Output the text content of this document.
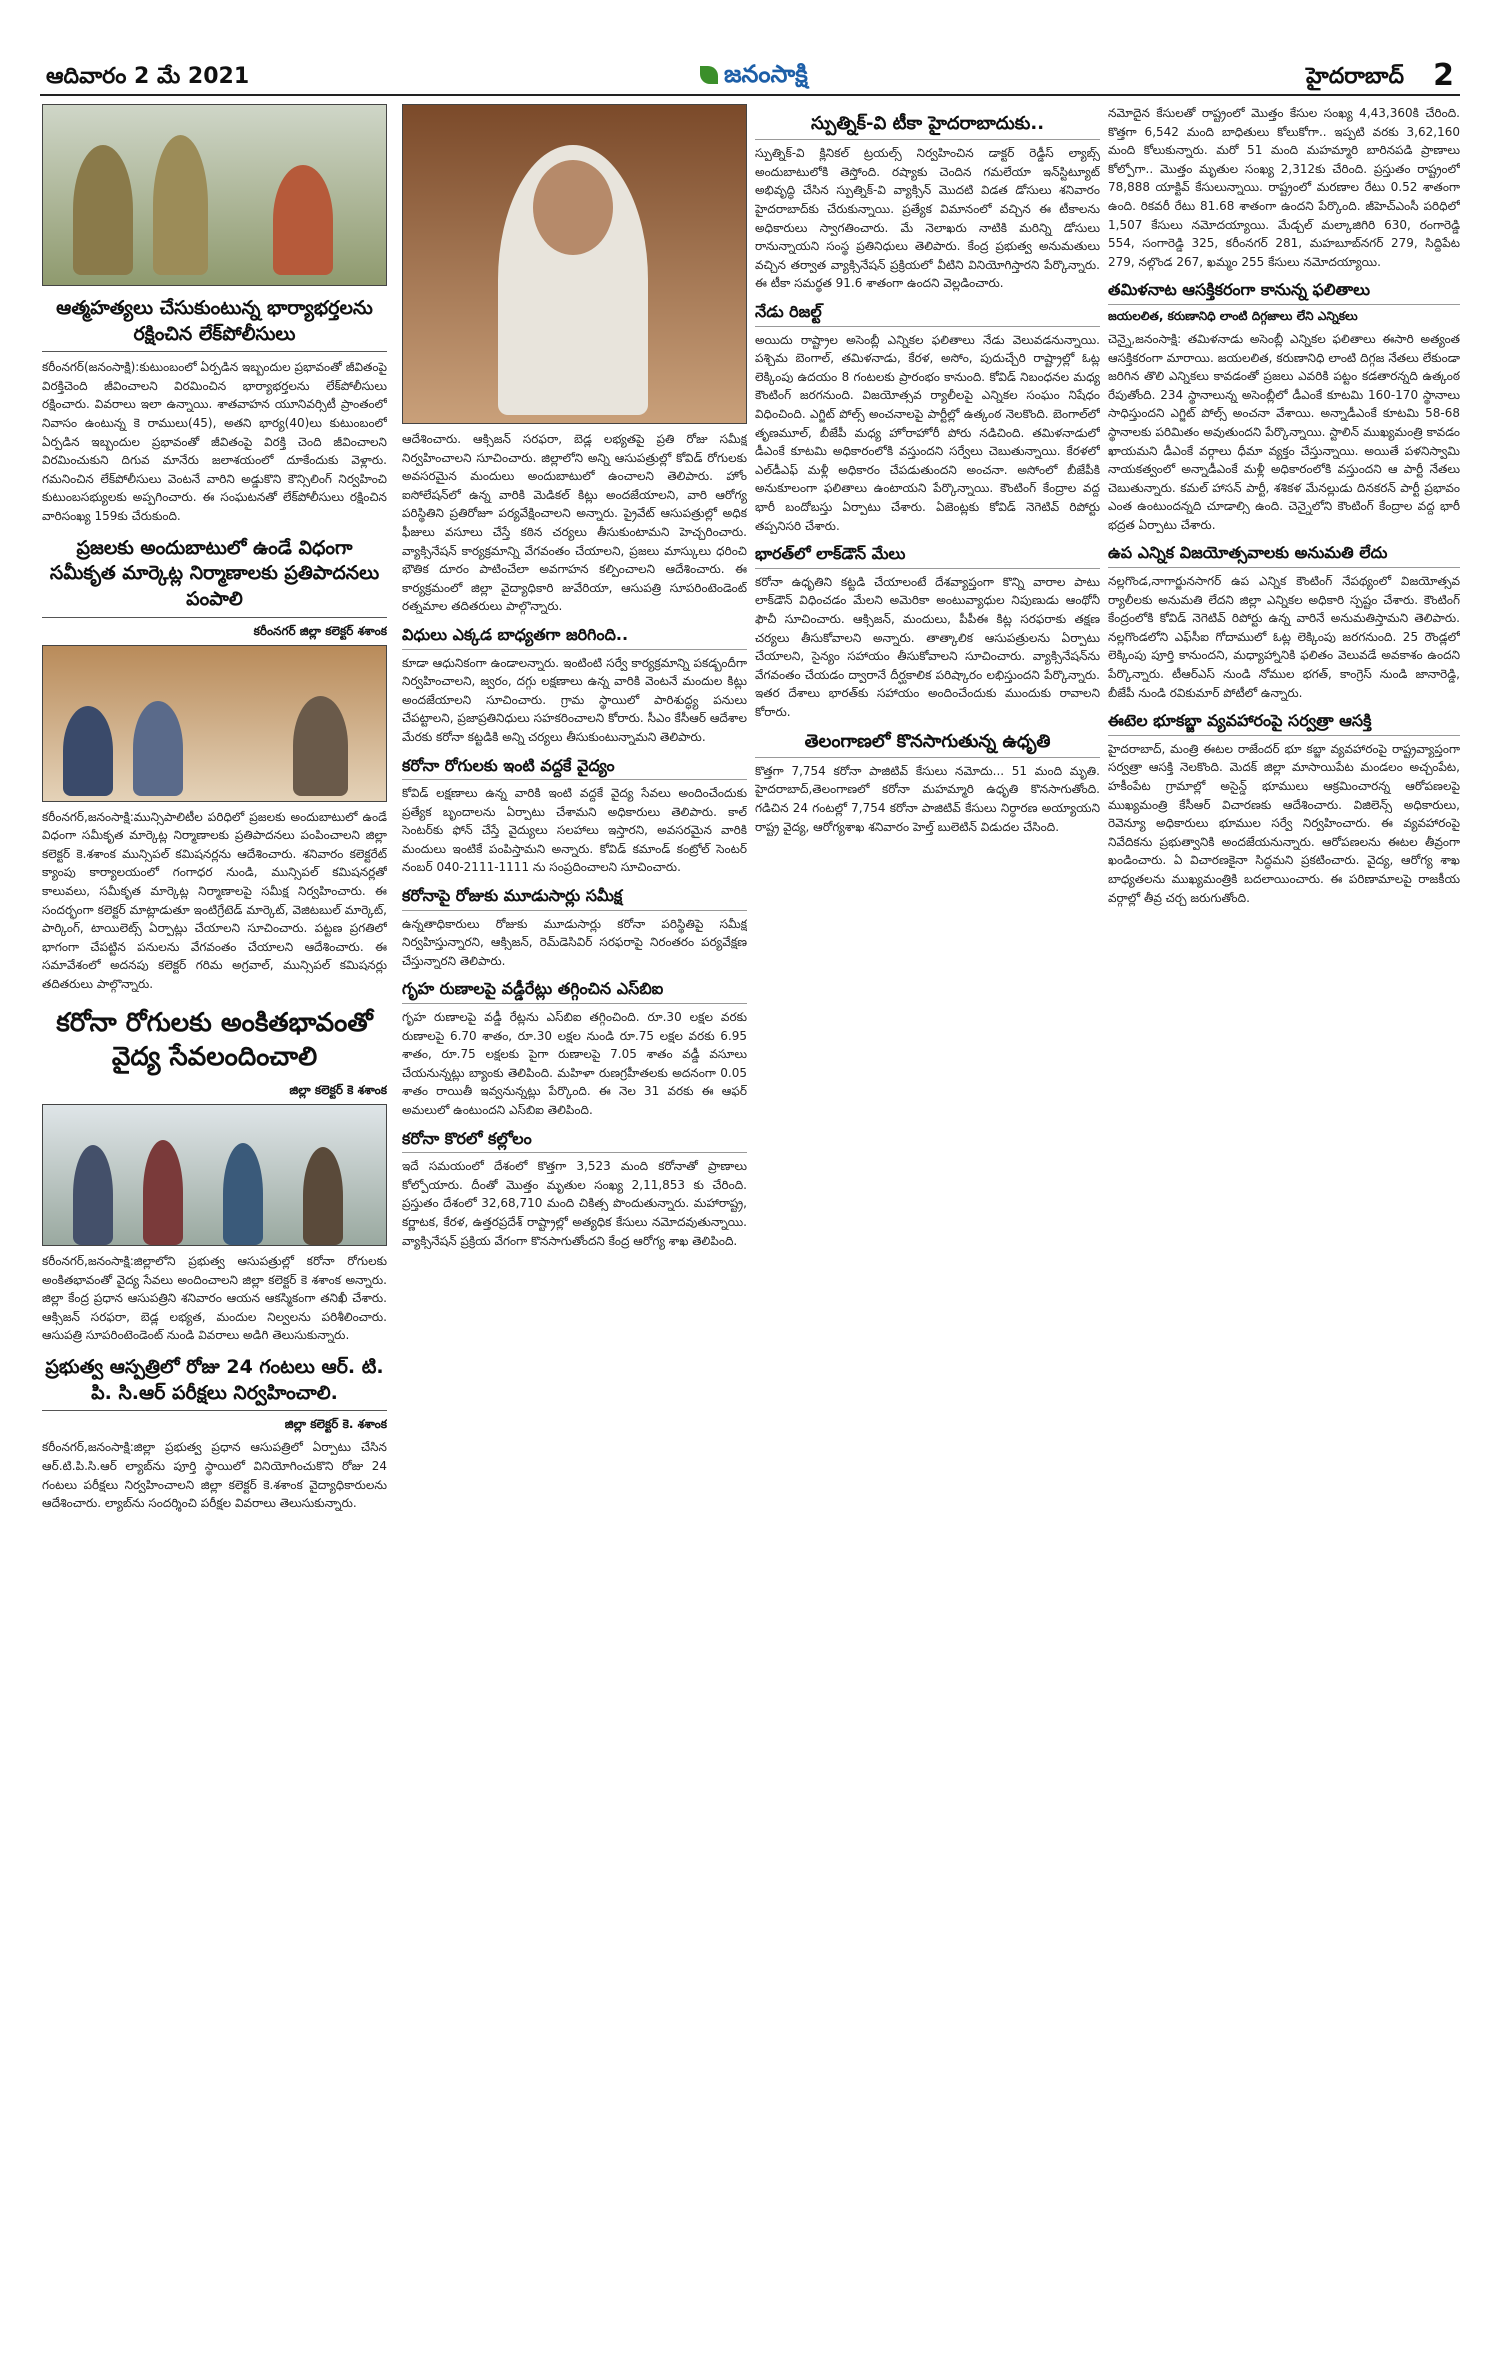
ఆదివారం 2 మే 2021	జనంసాక్షి	హైదరాబాద్ 2
ఆత్మహత్యలు చేసుకుంటున్న భార్యాభర్తలను రక్షించిన లేక్‌పోలీసులు

కరీంనగర్(జనంసాక్షి):కుటుంబంలో ఏర్పడిన ఇబ్బందుల ప్రభావంతో జీవితంపై విరక్తిచెంది జీవించాలని విరమించిన భార్యాభర్తలను లేక్‌పోలీసులు రక్షించారు. వివరాలు ఇలా ఉన్నాయి. శాతవాహన యూనివర్సిటీ ప్రాంతంలో నివాసం ఉంటున్న కె రాములు(45), అతని భార్య(40)లు కుటుంబంలో ఏర్పడిన ఇబ్బందుల ప్రభావంతో జీవితంపై విరక్తి చెంది జీవించాలని విరమించుకుని దిగువ మానేరు జలాశయంలో దూకేందుకు వెళ్లారు. గమనించిన లేక్‌పోలీసులు వెంటనే వారిని అడ్డుకొని కౌన్సిలింగ్ నిర్వహించి కుటుంబసభ్యులకు అప్పగించారు. ఈ సంఘటనతో లేక్‌పోలీసులు రక్షించిన వారిసంఖ్య 159కు చేరుకుంది.

ప్రజలకు అందుబాటులో ఉండే విధంగా సమీకృత మార్కెట్ల నిర్మాణాలకు ప్రతిపాదనలు పంపాలి
కరీంనగర్ జిల్లా కలెక్టర్ శశాంక

కరీంనగర్,జనంసాక్షి:మున్సిపాలిటీల పరిధిలో ప్రజలకు అందుబాటులో ఉండే విధంగా సమీకృత మార్కెట్ల నిర్మాణాలకు ప్రతిపాదనలు పంపించాలని జిల్లా కలెక్టర్ కె.శశాంక మున్సిపల్ కమిషనర్లను ఆదేశించారు. శనివారం కలెక్టరేట్ క్యాంపు కార్యాలయంలో గంగాధర నుండి, మున్సిపల్ కమిషనర్లతో కాలువలు, సమీకృత మార్కెట్ల నిర్మాణాలపై సమీక్ష నిర్వహించారు. ఈ సందర్భంగా కలెక్టర్ మాట్లాడుతూ ఇంటిగ్రేటెడ్ మార్కెట్, వెజిటబుల్ మార్కెట్, పార్కింగ్, టాయిలెట్స్ ఏర్పాట్లు చేయాలని సూచించారు. పట్టణ ప్రగతిలో భాగంగా చేపట్టిన పనులను వేగవంతం చేయాలని ఆదేశించారు. ఈ సమావేశంలో అదనపు కలెక్టర్ గరిమ అగ్రవాల్, మున్సిపల్ కమిషనర్లు తదితరులు పాల్గొన్నారు.

కరోనా రోగులకు అంకితభావంతో వైద్య సేవలందించాలి
జిల్లా కలెక్టర్ కె శశాంక

కరీంనగర్,జనంసాక్షి:జిల్లాలోని ప్రభుత్వ ఆసుపత్రుల్లో కరోనా రోగులకు అంకితభావంతో వైద్య సేవలు అందించాలని జిల్లా కలెక్టర్ కె శశాంక అన్నారు. జిల్లా కేంద్ర ప్రధాన ఆసుపత్రిని శనివారం ఆయన ఆకస్మికంగా తనిఖీ చేశారు. ఆక్సిజన్ సరఫరా, బెడ్ల లభ్యత, మందుల నిల్వలను పరిశీలించారు. ఆసుపత్రి సూపరింటెండెంట్ నుండి వివరాలు అడిగి తెలుసుకున్నారు.

ప్రభుత్వ ఆస్పత్రిలో రోజు 24 గంటలు ఆర్. టి. పి. సి.ఆర్ పరీక్షలు నిర్వహించాలి.
జిల్లా కలెక్టర్ కె. శశాంక

కరీంనగర్,జనంసాక్షి:జిల్లా ప్రభుత్వ ప్రధాన ఆసుపత్రిలో ఏర్పాటు చేసిన ఆర్.టి.పి.సి.ఆర్ ల్యాబ్‌ను పూర్తి స్థాయిలో వినియోగించుకొని రోజు 24 గంటలు పరీక్షలు నిర్వహించాలని జిల్లా కలెక్టర్ కె.శశాంక వైద్యాధికారులను ఆదేశించారు. ల్యాబ్‌ను సందర్శించి పరీక్షల వివరాలు తెలుసుకున్నారు.

ఆదేశించారు. ఆక్సిజన్ సరఫరా, బెడ్ల లభ్యతపై ప్రతి రోజు సమీక్ష నిర్వహించాలని సూచించారు. జిల్లాలోని అన్ని ఆసుపత్రుల్లో కోవిడ్ రోగులకు అవసరమైన మందులు అందుబాటులో ఉంచాలని తెలిపారు. హోం ఐసోలేషన్‌లో ఉన్న వారికి మెడికల్ కిట్లు అందజేయాలని, వారి ఆరోగ్య పరిస్థితిని ప్రతిరోజూ పర్యవేక్షించాలని అన్నారు. ప్రైవేట్ ఆసుపత్రుల్లో అధిక ఫీజులు వసూలు చేస్తే కఠిన చర్యలు తీసుకుంటామని హెచ్చరించారు. వ్యాక్సినేషన్ కార్యక్రమాన్ని వేగవంతం చేయాలని, ప్రజలు మాస్కులు ధరించి భౌతిక దూరం పాటించేలా అవగాహన కల్పించాలని ఆదేశించారు. ఈ కార్యక్రమంలో జిల్లా వైద్యాధికారి జువేరియా, ఆసుపత్రి సూపరింటెండెంట్ రత్నమాల తదితరులు పాల్గొన్నారు.

విధులు ఎక్కడ బాధ్యతగా జరిగింది..

కూడా ఆధునికంగా ఉండాలన్నారు. ఇంటింటి సర్వే కార్యక్రమాన్ని పకడ్బందీగా నిర్వహించాలని, జ్వరం, దగ్గు లక్షణాలు ఉన్న వారికి వెంటనే మందుల కిట్లు అందజేయాలని సూచించారు. గ్రామ స్థాయిలో పారిశుద్ధ్య పనులు చేపట్టాలని, ప్రజాప్రతినిధులు సహకరించాలని కోరారు. సీఎం కేసీఆర్ ఆదేశాల మేరకు కరోనా కట్టడికి అన్ని చర్యలు తీసుకుంటున్నామని తెలిపారు.

కరోనా రోగులకు ఇంటి వద్దకే వైద్యం

కోవిడ్ లక్షణాలు ఉన్న వారికి ఇంటి వద్దకే వైద్య సేవలు అందించేందుకు ప్రత్యేక బృందాలను ఏర్పాటు చేశామని అధికారులు తెలిపారు. కాల్ సెంటర్‌కు ఫోన్ చేస్తే వైద్యులు సలహాలు ఇస్తారని, అవసరమైన వారికి మందులు ఇంటికే పంపిస్తామని అన్నారు. కోవిడ్ కమాండ్ కంట్రోల్ సెంటర్ నంబర్ 040-2111-1111 ను సంప్రదించాలని సూచించారు.

కరోనాపై రోజుకు మూడుసార్లు సమీక్ష

ఉన్నతాధికారులు రోజుకు మూడుసార్లు కరోనా పరిస్థితిపై సమీక్ష నిర్వహిస్తున్నారని, ఆక్సిజన్, రెమ్‌డెసివిర్ సరఫరాపై నిరంతరం పర్యవేక్షణ చేస్తున్నారని తెలిపారు.

గృహ రుణాలపై వడ్డీరేట్లు తగ్గించిన ఎస్‌బిఐ

గృహ రుణాలపై వడ్డీ రేట్లను ఎస్‌బిఐ తగ్గించింది. రూ.30 లక్షల వరకు రుణాలపై 6.70 శాతం, రూ.30 లక్షల నుండి రూ.75 లక్షల వరకు 6.95 శాతం, రూ.75 లక్షలకు పైగా రుణాలపై 7.05 శాతం వడ్డీ వసూలు చేయనున్నట్లు బ్యాంకు తెలిపింది. మహిళా రుణగ్రహీతలకు అదనంగా 0.05 శాతం రాయితీ ఇవ్వనున్నట్లు పేర్కొంది. ఈ నెల 31 వరకు ఈ ఆఫర్ అమలులో ఉంటుందని ఎస్‌బిఐ తెలిపింది.

కరోనా కొరలో కల్లోలం

ఇదే సమయంలో దేశంలో కొత్తగా 3,523 మంది కరోనాతో ప్రాణాలు కోల్పోయారు. దీంతో మొత్తం మృతుల సంఖ్య 2,11,853 కు చేరింది. ప్రస్తుతం దేశంలో 32,68,710 మంది చికిత్స పొందుతున్నారు. మహారాష్ట్ర, కర్ణాటక, కేరళ, ఉత్తరప్రదేశ్ రాష్ట్రాల్లో అత్యధిక కేసులు నమోదవుతున్నాయి. వ్యాక్సినేషన్ ప్రక్రియ వేగంగా కొనసాగుతోందని కేంద్ర ఆరోగ్య శాఖ తెలిపింది.

స్పుత్నిక్-వి టీకా హైదరాబాదుకు..

స్పుత్నిక్-వి క్లినికల్ ట్రయల్స్ నిర్వహించిన డాక్టర్ రెడ్డీస్ ల్యాబ్స్ అందుబాటులోకి తెస్తోంది. రష్యాకు చెందిన గమలేయా ఇన్‌స్టిట్యూట్ అభివృద్ధి చేసిన స్పుత్నిక్-వి వ్యాక్సిన్ మొదటి విడత డోసులు శనివారం హైదరాబాద్‌కు చేరుకున్నాయి. ప్రత్యేక విమానంలో వచ్చిన ఈ టీకాలను అధికారులు స్వాగతించారు. మే నెలాఖరు నాటికి మరిన్ని డోసులు రానున్నాయని సంస్థ ప్రతినిధులు తెలిపారు. కేంద్ర ప్రభుత్వ అనుమతులు వచ్చిన తర్వాత వ్యాక్సినేషన్ ప్రక్రియలో వీటిని వినియోగిస్తారని పేర్కొన్నారు. ఈ టీకా సమర్థత 91.6 శాతంగా ఉందని వెల్లడించారు.

నేడు రిజల్ట్

అయిదు రాష్ట్రాల అసెంబ్లీ ఎన్నికల ఫలితాలు నేడు వెలువడనున్నాయి. పశ్చిమ బెంగాల్, తమిళనాడు, కేరళ, అసోం, పుదుచ్చేరి రాష్ట్రాల్లో ఓట్ల లెక్కింపు ఉదయం 8 గంటలకు ప్రారంభం కానుంది. కోవిడ్ నిబంధనల మధ్య కౌంటింగ్ జరగనుంది. విజయోత్సవ ర్యాలీలపై ఎన్నికల సంఘం నిషేధం విధించింది. ఎగ్జిట్ పోల్స్ అంచనాలపై పార్టీల్లో ఉత్కంఠ నెలకొంది. బెంగాల్‌లో తృణమూల్, బీజేపీ మధ్య హోరాహోరీ పోరు నడిచింది. తమిళనాడులో డీఎంకే కూటమి అధికారంలోకి వస్తుందని సర్వేలు చెబుతున్నాయి. కేరళలో ఎల్‌డీఎఫ్ మళ్లీ అధికారం చేపడుతుందని అంచనా. అసోంలో బీజేపీకి అనుకూలంగా ఫలితాలు ఉంటాయని పేర్కొన్నాయి. కౌంటింగ్ కేంద్రాల వద్ద భారీ బందోబస్తు ఏర్పాటు చేశారు. ఏజెంట్లకు కోవిడ్ నెగెటివ్ రిపోర్టు తప్పనిసరి చేశారు.

భారత్‌లో లాక్‌డౌన్ మేలు

కరోనా ఉధృతిని కట్టడి చేయాలంటే దేశవ్యాప్తంగా కొన్ని వారాల పాటు లాక్‌డౌన్ విధించడం మేలని అమెరికా అంటువ్యాధుల నిపుణుడు ఆంథోనీ ఫౌచీ సూచించారు. ఆక్సిజన్, మందులు, పీపీఈ కిట్ల సరఫరాకు తక్షణ చర్యలు తీసుకోవాలని అన్నారు. తాత్కాలిక ఆసుపత్రులను ఏర్పాటు చేయాలని, సైన్యం సహాయం తీసుకోవాలని సూచించారు. వ్యాక్సినేషన్‌ను వేగవంతం చేయడం ద్వారానే దీర్ఘకాలిక పరిష్కారం లభిస్తుందని పేర్కొన్నారు. ఇతర దేశాలు భారత్‌కు సహాయం అందించేందుకు ముందుకు రావాలని కోరారు.

తెలంగాణలో కొనసాగుతున్న ఉధృతి

కొత్తగా 7,754 కరోనా పాజిటివ్ కేసులు నమోదు... 51 మంది మృతి. హైదరాబాద్,తెలంగాణలో కరోనా మహమ్మారి ఉధృతి కొనసాగుతోంది. గడిచిన 24 గంటల్లో 7,754 కరోనా పాజిటివ్ కేసులు నిర్ధారణ అయ్యాయని రాష్ట్ర వైద్య, ఆరోగ్యశాఖ శనివారం హెల్త్ బులెటిన్ విడుదల చేసింది.

నమోదైన కేసులతో రాష్ట్రంలో మొత్తం కేసుల సంఖ్య 4,43,360కి చేరింది. కొత్తగా 6,542 మంది బాధితులు కోలుకోగా.. ఇప్పటి వరకు 3,62,160 మంది కోలుకున్నారు. మరో 51 మంది మహమ్మారి బారినపడి ప్రాణాలు కోల్పోగా.. మొత్తం మృతుల సంఖ్య 2,312కు చేరింది. ప్రస్తుతం రాష్ట్రంలో 78,888 యాక్టివ్ కేసులున్నాయి. రాష్ట్రంలో మరణాల రేటు 0.52 శాతంగా ఉంది. రికవరీ రేటు 81.68 శాతంగా ఉందని పేర్కొంది. జీహెచ్‌ఎంసీ పరిధిలో 1,507 కేసులు నమోదయ్యాయి. మేడ్చల్ మల్కాజిగిరి 630, రంగారెడ్డి 554, సంగారెడ్డి 325, కరీంనగర్ 281, మహబూబ్‌నగర్ 279, సిద్దిపేట 279, నల్గొండ 267, ఖమ్మం 255 కేసులు నమోదయ్యాయి.

తమిళనాట ఆసక్తికరంగా కానున్న ఫలితాలు
జయలలిత, కరుణానిధి లాంటి దిగ్గజాలు లేని ఎన్నికలు

చెన్నై,జనంసాక్షి: తమిళనాడు అసెంబ్లీ ఎన్నికల ఫలితాలు ఈసారి అత్యంత ఆసక్తికరంగా మారాయి. జయలలిత, కరుణానిధి లాంటి దిగ్గజ నేతలు లేకుండా జరిగిన తొలి ఎన్నికలు కావడంతో ప్రజలు ఎవరికి పట్టం కడతారన్నది ఉత్కంఠ రేపుతోంది. 234 స్థానాలున్న అసెంబ్లీలో డీఎంకే కూటమి 160-170 స్థానాలు సాధిస్తుందని ఎగ్జిట్ పోల్స్ అంచనా వేశాయి. అన్నాడీఎంకే కూటమి 58-68 స్థానాలకు పరిమితం అవుతుందని పేర్కొన్నాయి. స్టాలిన్ ముఖ్యమంత్రి కావడం ఖాయమని డీఎంకే వర్గాలు ధీమా వ్యక్తం చేస్తున్నాయి. అయితే పళనిస్వామి నాయకత్వంలో అన్నాడీఎంకే మళ్లీ అధికారంలోకి వస్తుందని ఆ పార్టీ నేతలు చెబుతున్నారు. కమల్ హాసన్ పార్టీ, శశికళ మేనల్లుడు దినకరన్ పార్టీ ప్రభావం ఎంత ఉంటుందన్నది చూడాల్సి ఉంది. చెన్నైలోని కౌంటింగ్ కేంద్రాల వద్ద భారీ భద్రత ఏర్పాటు చేశారు.

ఉప ఎన్నిక విజయోత్సవాలకు అనుమతి లేదు

నల్లగొండ,నాగార్జునసాగర్ ఉప ఎన్నిక కౌంటింగ్ నేపథ్యంలో విజయోత్సవ ర్యాలీలకు అనుమతి లేదని జిల్లా ఎన్నికల అధికారి స్పష్టం చేశారు. కౌంటింగ్ కేంద్రంలోకి కోవిడ్ నెగెటివ్ రిపోర్టు ఉన్న వారినే అనుమతిస్తామని తెలిపారు. నల్లగొండలోని ఎఫ్‌సీఐ గోదాములో ఓట్ల లెక్కింపు జరగనుంది. 25 రౌండ్లలో లెక్కింపు పూర్తి కానుందని, మధ్యాహ్నానికి ఫలితం వెలువడే అవకాశం ఉందని పేర్కొన్నారు. టీఆర్ఎస్ నుండి నోముల భగత్, కాంగ్రెస్ నుండి జానారెడ్డి, బీజేపీ నుండి రవికుమార్ పోటీలో ఉన్నారు.

ఈటెల భూకబ్జా వ్యవహారంపై సర్వత్రా ఆసక్తి

హైదరాబాద్, మంత్రి ఈటల రాజేందర్ భూ కబ్జా వ్యవహారంపై రాష్ట్రవ్యాప్తంగా సర్వత్రా ఆసక్తి నెలకొంది. మెదక్ జిల్లా మాసాయిపేట మండలం అచ్చంపేట, హకీంపేట గ్రామాల్లో అసైన్డ్ భూములు ఆక్రమించారన్న ఆరోపణలపై ముఖ్యమంత్రి కేసీఆర్ విచారణకు ఆదేశించారు. విజిలెన్స్ అధికారులు, రెవెన్యూ అధికారులు భూముల సర్వే నిర్వహించారు. ఈ వ్యవహారంపై నివేదికను ప్రభుత్వానికి అందజేయనున్నారు. ఆరోపణలను ఈటల తీవ్రంగా ఖండించారు. ఏ విచారణకైనా సిద్ధమని ప్రకటించారు. వైద్య, ఆరోగ్య శాఖ బాధ్యతలను ముఖ్యమంత్రికి బదలాయించారు. ఈ పరిణామాలపై రాజకీయ వర్గాల్లో తీవ్ర చర్చ జరుగుతోంది.
